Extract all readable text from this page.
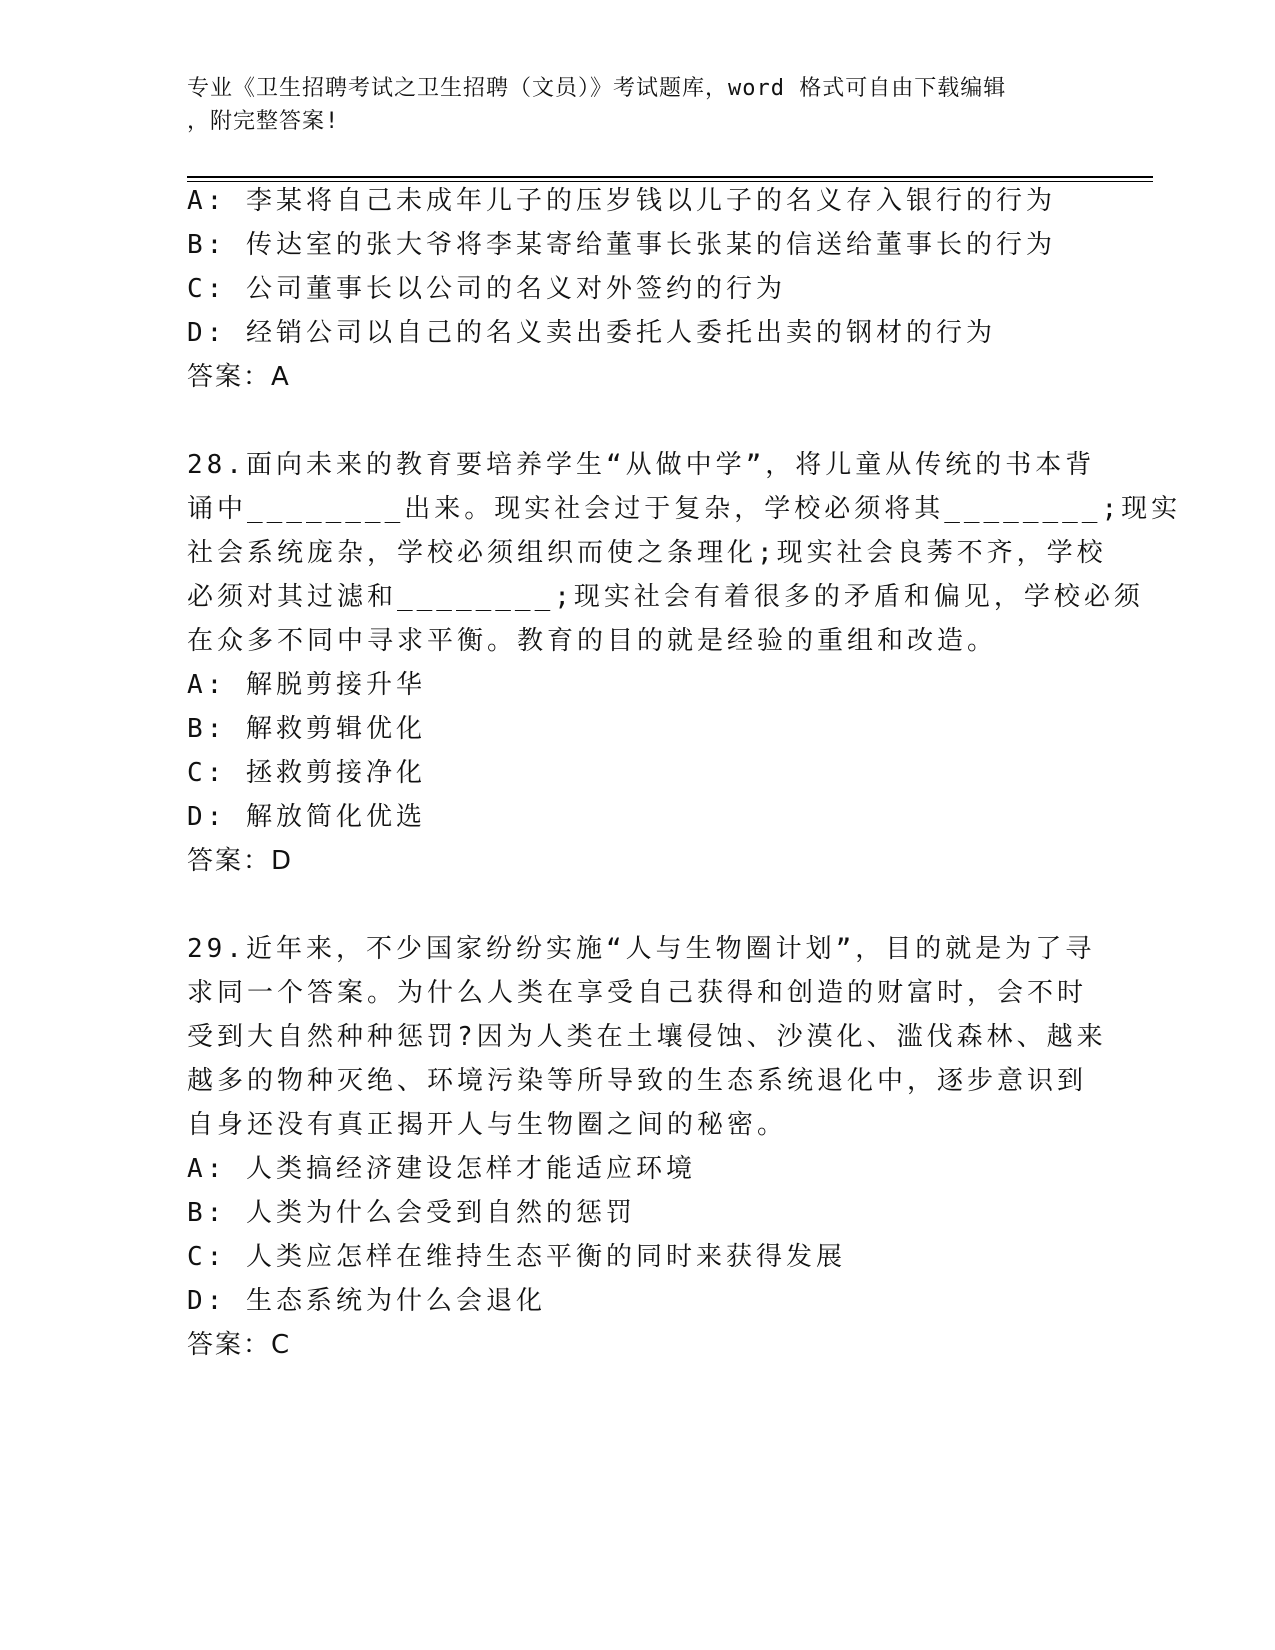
专业《卫生招聘考试之卫生招聘（文员）》考试题库，word 格式可自由下载编辑
，附完整答案!
A: 李某将自己未成年儿子的压岁钱以儿子的名义存入银行的行为
B: 传达室的张大爷将李某寄给董事长张某的信送给董事长的行为
C: 公司董事长以公司的名义对外签约的行为
D: 经销公司以自己的名义卖出委托人委托出卖的钢材的行为
答案：A
28.面向未来的教育要培养学生“从做中学”，将儿童从传统的书本背
诵中________出来。现实社会过于复杂，学校必须将其________;现实
社会系统庞杂，学校必须组织而使之条理化;现实社会良莠不齐，学校
必须对其过滤和________;现实社会有着很多的矛盾和偏见，学校必须
在众多不同中寻求平衡。教育的目的就是经验的重组和改造。
A: 解脱剪接升华
B: 解救剪辑优化
C: 拯救剪接净化
D: 解放简化优选
答案：D
29.近年来，不少国家纷纷实施“人与生物圈计划”，目的就是为了寻
求同一个答案。为什么人类在享受自己获得和创造的财富时，会不时
受到大自然种种惩罚?因为人类在土壤侵蚀、沙漠化、滥伐森林、越来
越多的物种灭绝、环境污染等所导致的生态系统退化中，逐步意识到
自身还没有真正揭开人与生物圈之间的秘密。
A: 人类搞经济建设怎样才能适应环境
B: 人类为什么会受到自然的惩罚
C: 人类应怎样在维持生态平衡的同时来获得发展
D: 生态系统为什么会退化
答案：C
